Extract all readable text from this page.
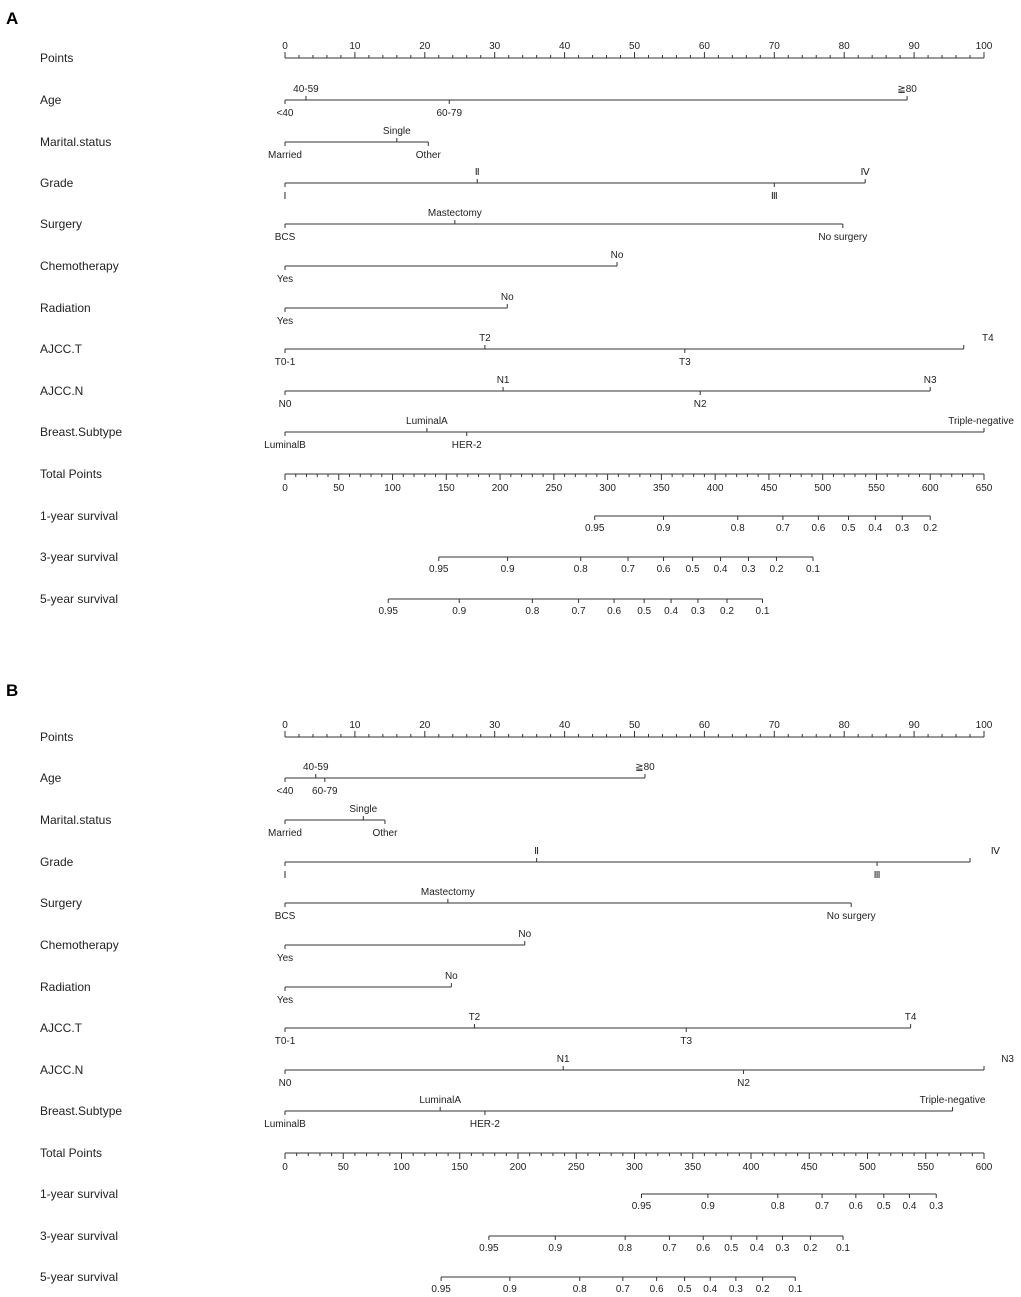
A
Points
0	10	20	30	40	50	60	70	80	90	100
Age
<40
40-59
60-79
≧80
Marital.status
Married
Single
Other
Grade
Ⅰ
Ⅱ
Ⅲ
Ⅳ
Surgery
BCS
Mastectomy
No surgery
Chemotherapy
Yes
No
Radiation
Yes
No
AJCC.T
T0-1
T2
T3
T4
AJCC.N
N0
N1
N2
N3
Breast.Subtype
LuminalB
LuminalA
HER-2
Triple-negative
Total Points
0	50	100	150	200	250	300	350	400	450	500	550	600	650
1-year survival
0.95	0.9	0.8	0.7 0.6 0.5 0.4 0.3 0.2
3-year survival
0.95	0.9	0.8	0.7 0.6 0.5 0.4 0.3 0.2 0.1
5-year survival
0.95	0.9	0.8	0.7 0.6 0.5 0.4 0.3 0.2 0.1
B
Points
0	10	20	30	40	50	60	70	80	90	100
Age
<40
40-59
60-79
≧80
Marital.status
Married
Single
Other
Grade
Ⅰ
Ⅱ
Ⅲ
Ⅳ
Surgery
BCS
Mastectomy
No surgery
Chemotherapy
Yes
No
Radiation
Yes
No
AJCC.T
T0-1
T2
T3
T4
AJCC.N
N0
N1
N2
N3
Breast.Subtype
LuminalB
LuminalA
HER-2
Triple-negative
Total Points
0	50	100	150	200	250	300	350	400	450	500	550	600
1-year survival
0.95	0.9	0.8	0.7 0.6 0.5 0.4 0.3
3-year survival
0.95	0.9	0.8	0.7 0.6 0.5 0.4 0.3 0.2 0.1
5-year survival
0.95	0.9	0.8	0.7 0.6 0.5 0.4 0.3 0.2 0.1
